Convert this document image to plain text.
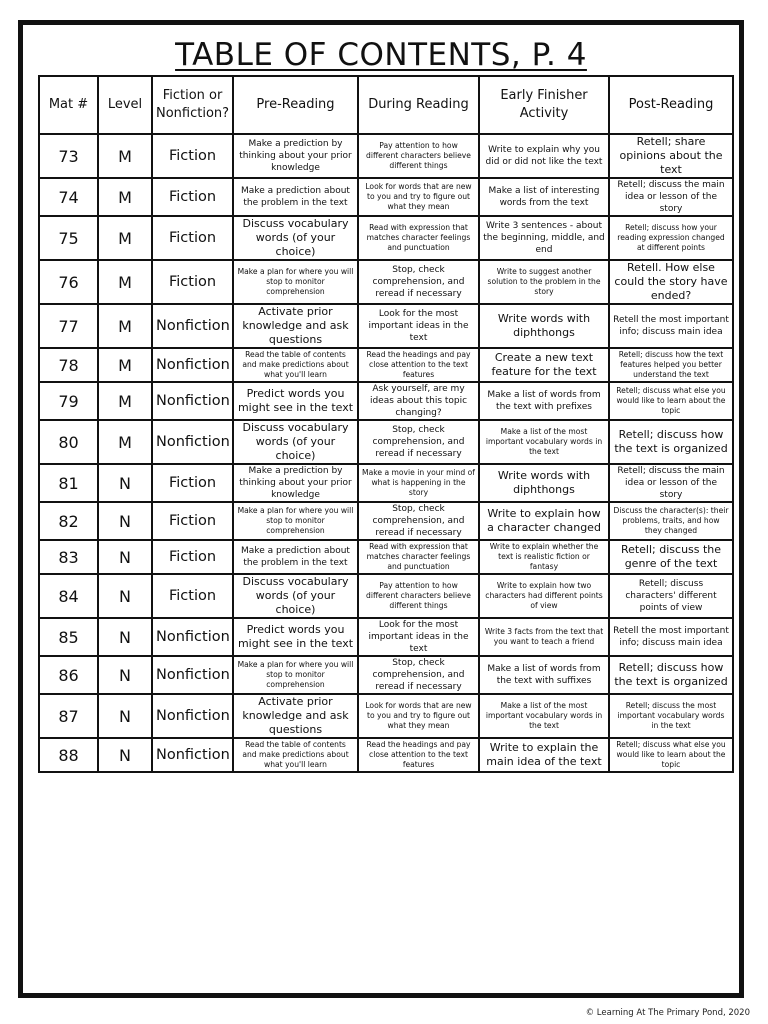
TABLE OF CONTENTS, P. 4
Mat #	Level	Fiction or Nonfiction?	Pre-Reading	During Reading	Early Finisher Activity	Post-Reading
73	M	Fiction	Make a prediction by thinking about your prior knowledge	Pay attention to how different characters believe different things	Write to explain why you did or did not like the text	Retell; share opinions about the text
74	M	Fiction	Make a prediction about the problem in the text	Look for words that are new to you and try to figure out what they mean	Make a list of interesting words from the text	Retell; discuss the main idea or lesson of the story
75	M	Fiction	Discuss vocabulary words (of your choice)	Read with expression that matches character feelings and punctuation	Write 3 sentences - about the beginning, middle, and end	Retell; discuss how your reading expression changed at different points
76	M	Fiction	Make a plan for where you will stop to monitor comprehension	Stop, check comprehension, and reread if necessary	Write to suggest another solution to the problem in the story	Retell. How else could the story have ended?
77	M	Nonfiction	Activate prior knowledge and ask questions	Look for the most important ideas in the text	Write words with diphthongs	Retell the most important info; discuss main idea
78	M	Nonfiction	Read the table of contents and make predictions about what you'll learn	Read the headings and pay close attention to the text features	Create a new text feature for the text	Retell; discuss how the text features helped you better understand the text
79	M	Nonfiction	Predict words you might see in the text	Ask yourself, are my ideas about this topic changing?	Make a list of words from the text with prefixes	Retell; discuss what else you would like to learn about the topic
80	M	Nonfiction	Discuss vocabulary words (of your choice)	Stop, check comprehension, and reread if necessary	Make a list of the most important vocabulary words in the text	Retell; discuss how the text is organized
81	N	Fiction	Make a prediction by thinking about your prior knowledge	Make a movie in your mind of what is happening in the story	Write words with diphthongs	Retell; discuss the main idea or lesson of the story
82	N	Fiction	Make a plan for where you will stop to monitor comprehension	Stop, check comprehension, and reread if necessary	Write to explain how a character changed	Discuss the character(s): their problems, traits, and how they changed
83	N	Fiction	Make a prediction about the problem in the text	Read with expression that matches character feelings and punctuation	Write to explain whether the text is realistic fiction or fantasy	Retell; discuss the genre of the text
84	N	Fiction	Discuss vocabulary words (of your choice)	Pay attention to how different characters believe different things	Write to explain how two characters had different points of view	Retell; discuss characters' different points of view
85	N	Nonfiction	Predict words you might see in the text	Look for the most important ideas in the text	Write 3 facts from the text that you want to teach a friend	Retell the most important info; discuss main idea
86	N	Nonfiction	Make a plan for where you will stop to monitor comprehension	Stop, check comprehension, and reread if necessary	Make a list of words from the text with suffixes	Retell; discuss how the text is organized
87	N	Nonfiction	Activate prior knowledge and ask questions	Look for words that are new to you and try to figure out what they mean	Make a list of the most important vocabulary words in the text	Retell; discuss the most important vocabulary words in the text
88	N	Nonfiction	Read the table of contents and make predictions about what you'll learn	Read the headings and pay close attention to the text features	Write to explain the main idea of the text	Retell; discuss what else you would like to learn about the topic
© Learning At The Primary Pond, 2020
